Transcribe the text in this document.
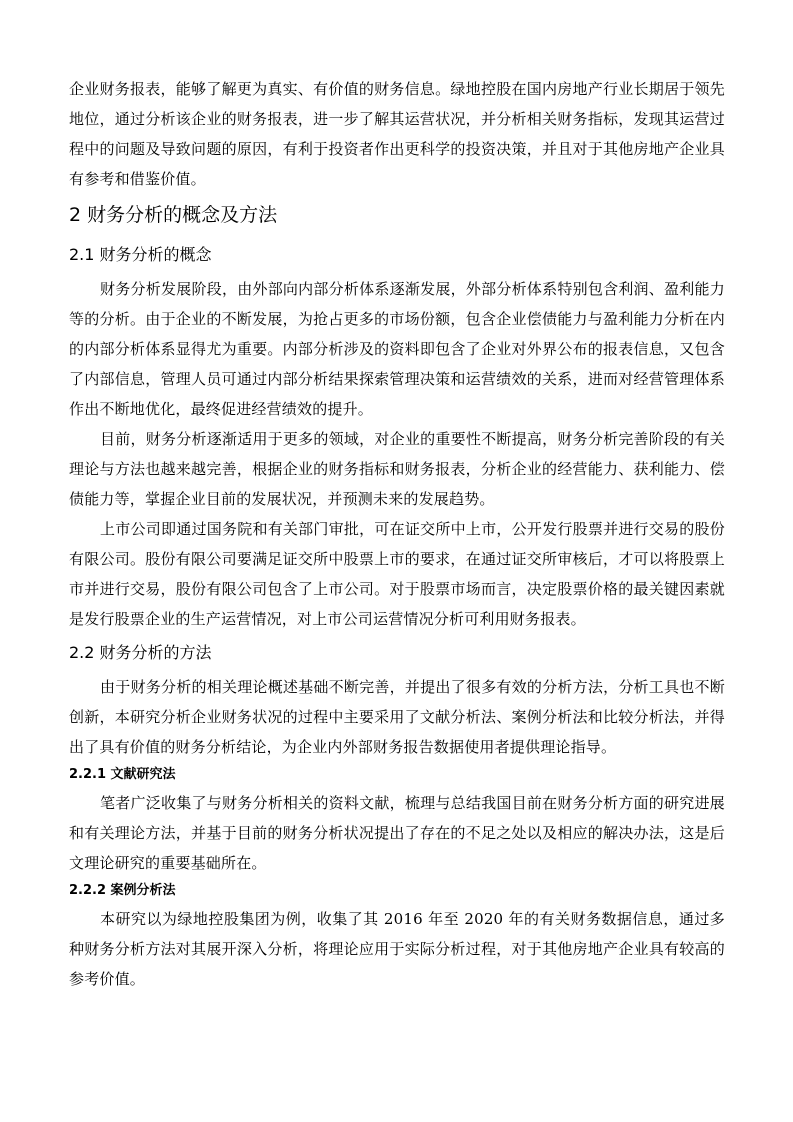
企业财务报表，能够了解更为真实、有价值的财务信息。绿地控股在国内房地产行业长期居于领先地位，通过分析该企业的财务报表，进一步了解其运营状况，并分析相关财务指标，发现其运营过程中的问题及导致问题的原因，有利于投资者作出更科学的投资决策，并且对于其他房地产企业具有参考和借鉴价值。

2 财务分析的概念及方法
2.1 财务分析的概念

财务分析发展阶段，由外部向内部分析体系逐渐发展，外部分析体系特别包含利润、盈利能力等的分析。由于企业的不断发展，为抢占更多的市场份额，包含企业偿债能力与盈利能力分析在内的内部分析体系显得尤为重要。内部分析涉及的资料即包含了企业对外界公布的报表信息，又包含了内部信息，管理人员可通过内部分析结果探索管理决策和运营绩效的关系，进而对经营管理体系作出不断地优化，最终促进经营绩效的提升。

目前，财务分析逐渐适用于更多的领域，对企业的重要性不断提高，财务分析完善阶段的有关理论与方法也越来越完善，根据企业的财务指标和财务报表，分析企业的经营能力、获利能力、偿债能力等，掌握企业目前的发展状况，并预测未来的发展趋势。

上市公司即通过国务院和有关部门审批，可在证交所中上市，公开发行股票并进行交易的股份有限公司。股份有限公司要满足证交所中股票上市的要求，在通过证交所审核后，才可以将股票上市并进行交易，股份有限公司包含了上市公司。对于股票市场而言，决定股票价格的最关键因素就是发行股票企业的生产运营情况，对上市公司运营情况分析可利用财务报表。

2.2 财务分析的方法

由于财务分析的相关理论概述基础不断完善，并提出了很多有效的分析方法，分析工具也不断创新，本研究分析企业财务状况的过程中主要采用了文献分析法、案例分析法和比较分析法，并得出了具有价值的财务分析结论，为企业内外部财务报告数据使用者提供理论指导。

2.2.1 文献研究法

笔者广泛收集了与财务分析相关的资料文献，梳理与总结我国目前在财务分析方面的研究进展和有关理论方法，并基于目前的财务分析状况提出了存在的不足之处以及相应的解决办法，这是后文理论研究的重要基础所在。

2.2.2 案例分析法

本研究以为绿地控股集团为例，收集了其 2016 年至 2020 年的有关财务数据信息，通过多种财务分析方法对其展开深入分析，将理论应用于实际分析过程，对于其他房地产企业具有较高的参考价值。
